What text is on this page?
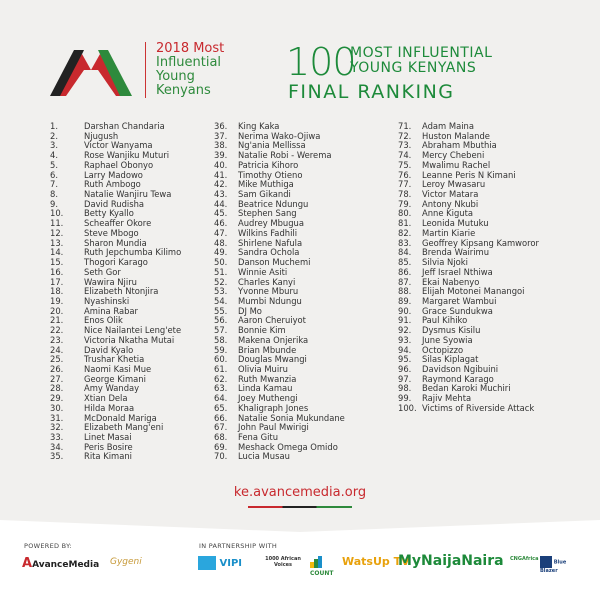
2018 Most
Influential
Young
Kenyans
100
MOST INFLUENTIAL
YOUNG KENYANS
FINAL RANKING
1.	Darshan Chandaria
2.	Njugush
3.	Victor Wanyama
4.	Rose Wanjiku Muturi
5.	Raphael Obonyo
6.	Larry Madowo
7.	Ruth Ambogo
8.	Natalie Wanjiru Tewa
9.	David Rudisha
10.	Betty Kyallo
11.	Scheaffer Okore
12.	Steve Mbogo
13.	Sharon Mundia
14.	Ruth Jepchumba Kilimo
15.	Thogori Karago
16.	Seth Gor
17.	Wawira Njiru
18.	Elizabeth Ntonjira
19.	Nyashinski
20.	Amina Rabar
21.	Enos Olik
22.	Nice Nailantei Leng'ete
23.	Victoria Nkatha Mutai
24.	David Kyalo
25.	Trushar Khetia
26.	Naomi Kasi Mue
27.	George Kimani
28.	Amy Wanday
29.	Xtian Dela
30.	Hilda Moraa
31.	McDonald Mariga
32.	Elizabeth Mang'eni
33.	Linet Masai
34.	Peris Bosire
35.	Rita Kimani
36.	King Kaka
37.	Nerima Wako-Ojiwa
38.	Ng'ania Mellissa
39.	Natalie Robi - Werema
40.	Patricia Kihoro
41.	Timothy Otieno
42.	Mike Muthiga
43.	Sam Gikandi
44.	Beatrice Ndungu
45.	Stephen Sang
46.	Audrey Mbugua
47.	Wilkins Fadhili
48.	Shirlene Nafula
49.	Sandra Ochola
50.	Danson Muchemi
51.	Winnie Asiti
52.	Charles Kanyi
53.	Yvonne Mburu
54.	Mumbi Ndungu
55.	DJ Mo
56.	Aaron Cheruiyot
57.	Bonnie Kim
58.	Makena Onjerika
59.	Brian Mbunde
60.	Douglas Mwangi
61.	Olivia Muiru
62.	Ruth Mwanzia
63.	Linda Kamau
64.	Joey Muthengi
65.	Khaligraph Jones
66.	Natalie Sonia Mukundane
67.	John Paul Mwirigi
68.	Fena Gitu
69.	Meshack Omega Omido
70.	Lucia Musau
71.	Adam Maina
72.	Huston Malande
73.	Abraham Mbuthia
74.	Mercy Chebeni
75.	Mwalimu Rachel
76.	Leanne Peris N Kimani
77.	Leroy Mwasaru
78.	Victor Matara
79.	Antony Nkubi
80.	Anne Kiguta
81.	Leonida Mutuku
82.	Martin Kiarie
83.	Geoffrey Kipsang Kamworor
84.	Brenda Wairimu
85.	Silvia Njoki
86.	Jeff Israel Nthiwa
87.	Ekai Nabenyo
88.	Elijah Motonei Manangoi
89.	Margaret Wambui
90.	Grace Sundukwa
91.	Paul Kihiko
92.	Dysmus Kisilu
93.	June Syowia
94.	Octopizzo
95.	Silas Kiplagat
96.	Davidson Ngibuini
97.	Raymond Karago
98.	Bedan Karoki Muchiri
99.	Rajiv Mehta
100. Victims of Riverside Attack
ke.avancemedia.org
POWERED BY:	IN PARTNERSHIP WITH
AAvanceMedia Gygeni	VIPI	1000 African Voices
COUNT
WatsUp TV
MyNaijaNaira CNGAfrica
Blue Blazer
